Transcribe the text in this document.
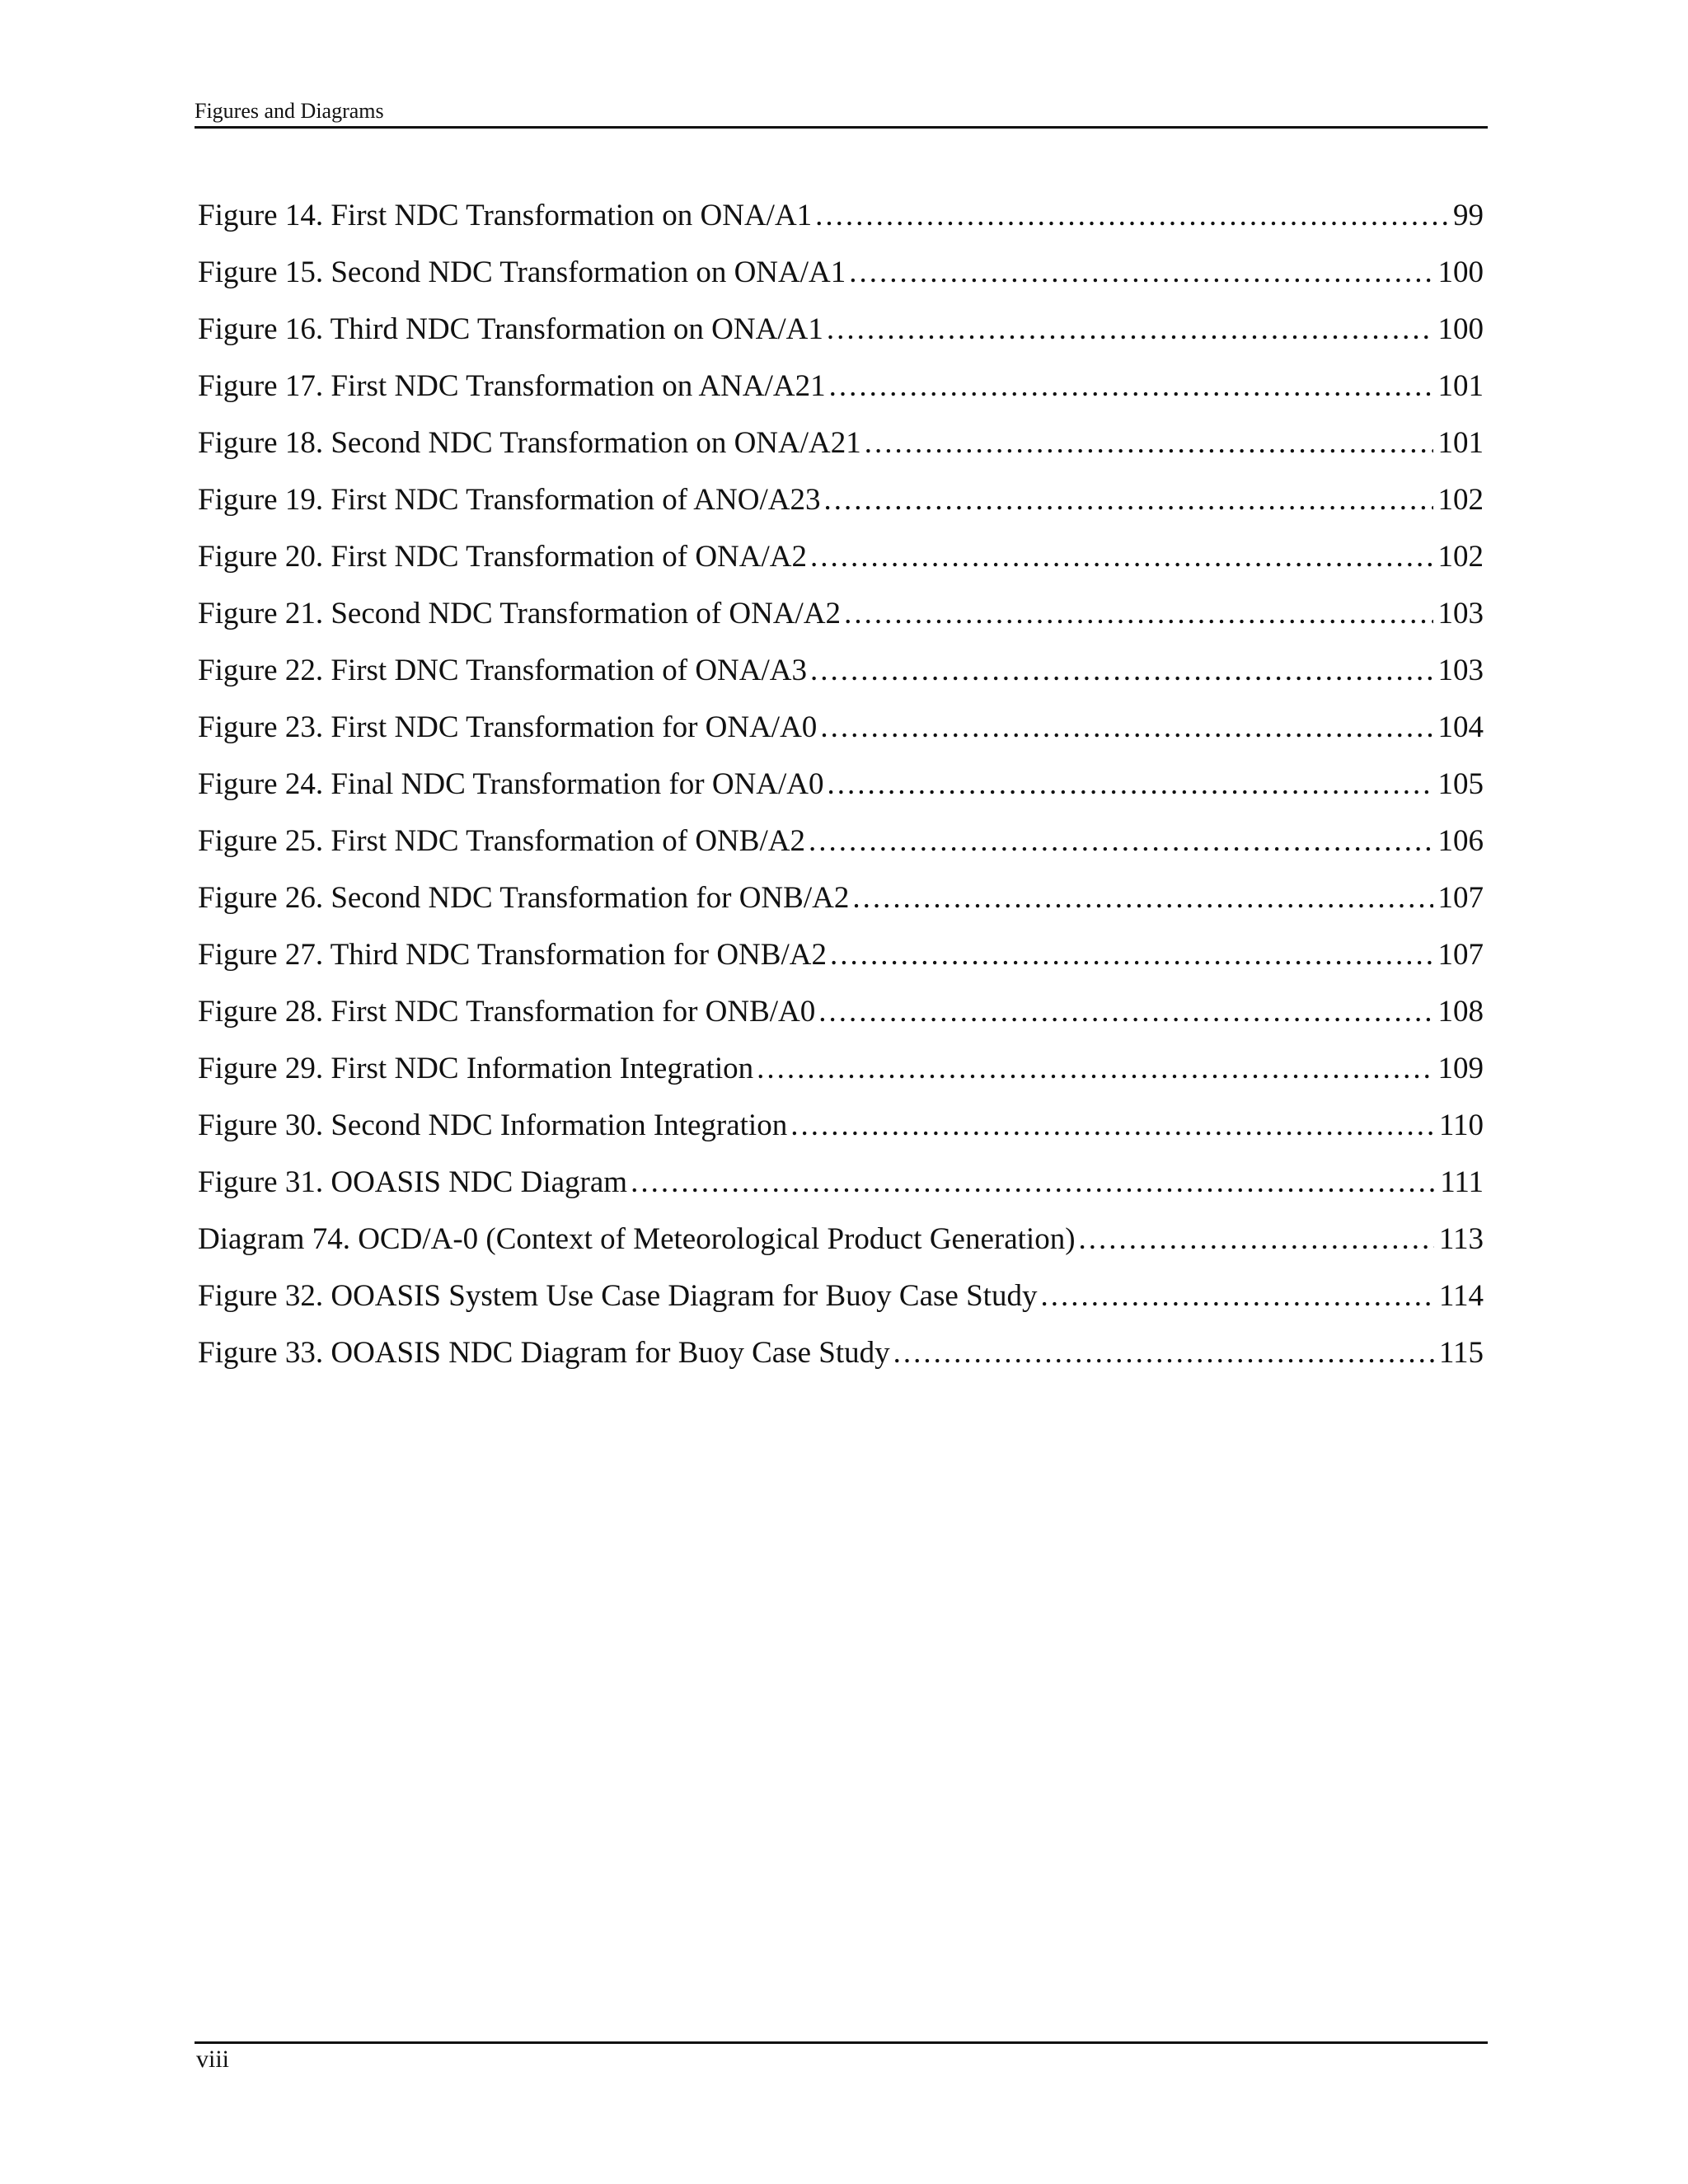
Figures and Diagrams
Figure 14. First NDC Transformation on ONA/A1 .....	99
Figure 15. Second NDC Transformation on ONA/A1 .....	100
Figure 16. Third NDC Transformation on ONA/A1 .....	100
Figure 17. First NDC Transformation on ANA/A21 .....	101
Figure 18. Second NDC Transformation on ONA/A21 .....	101
Figure 19. First NDC Transformation of ANO/A23 .....	102
Figure 20. First NDC Transformation of ONA/A2 .....	102
Figure 21. Second NDC Transformation of ONA/A2 .....	103
Figure 22. First DNC Transformation of ONA/A3 .....	103
Figure 23. First NDC Transformation for ONA/A0 .....	104
Figure 24. Final NDC Transformation for ONA/A0 .....	105
Figure 25. First NDC Transformation of ONB/A2 .....	106
Figure 26. Second NDC Transformation for ONB/A2 .....	107
Figure 27. Third NDC Transformation for ONB/A2 .....	107
Figure 28. First NDC Transformation for ONB/A0 .....	108
Figure 29. First NDC Information Integration .....	109
Figure 30. Second NDC Information Integration .....	110
Figure 31. OOASIS NDC Diagram .....	111
Diagram 74. OCD/A-0 (Context of Meteorological Product Generation) .....	113
Figure 32. OOASIS System Use Case Diagram for Buoy Case Study .....	114
Figure 33. OOASIS NDC Diagram for Buoy Case Study .....	115
viii
